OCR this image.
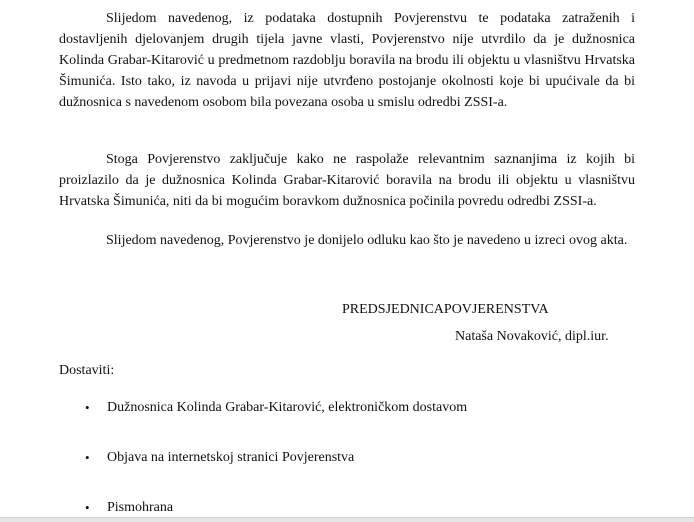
Slijedom navedenog, iz podataka dostupnih Povjerenstvu te podataka zatraženih i dostavljenih djelovanjem drugih tijela javne vlasti, Povjerenstvo nije utvrdilo da je dužnosnica Kolinda Grabar-Kitarović u predmetnom razdoblju boravila na brodu ili objektu u vlasništvu Hrvatska Šimunića. Isto tako, iz navoda u prijavi nije utvrđeno postojanje okolnosti koje bi upućivale da bi dužnosnica s navedenom osobom bila povezana osoba u smislu odredbi ZSSI-a.

Stoga Povjerenstvo zaključuje kako ne raspolaže relevantnim saznanjima iz kojih bi proizlazilo da je dužnosnica Kolinda Grabar-Kitarović boravila na brodu ili objektu u vlasništvu Hrvatska Šimunića, niti da bi mogućim boravkom dužnosnica počinila povredu odredbi ZSSI-a.

Slijedom navedenog, Povjerenstvo je donijelo odluku kao što je navedeno u izreci ovog akta.

PREDSJEDNICAPOVJERENSTVA
Nataša Novaković, dipl.iur.
Dostaviti:
•	Dužnosnica Kolinda Grabar-Kitarović, elektroničkom dostavom
•	Objava na internetskoj stranici Povjerenstva
•	Pismohrana
